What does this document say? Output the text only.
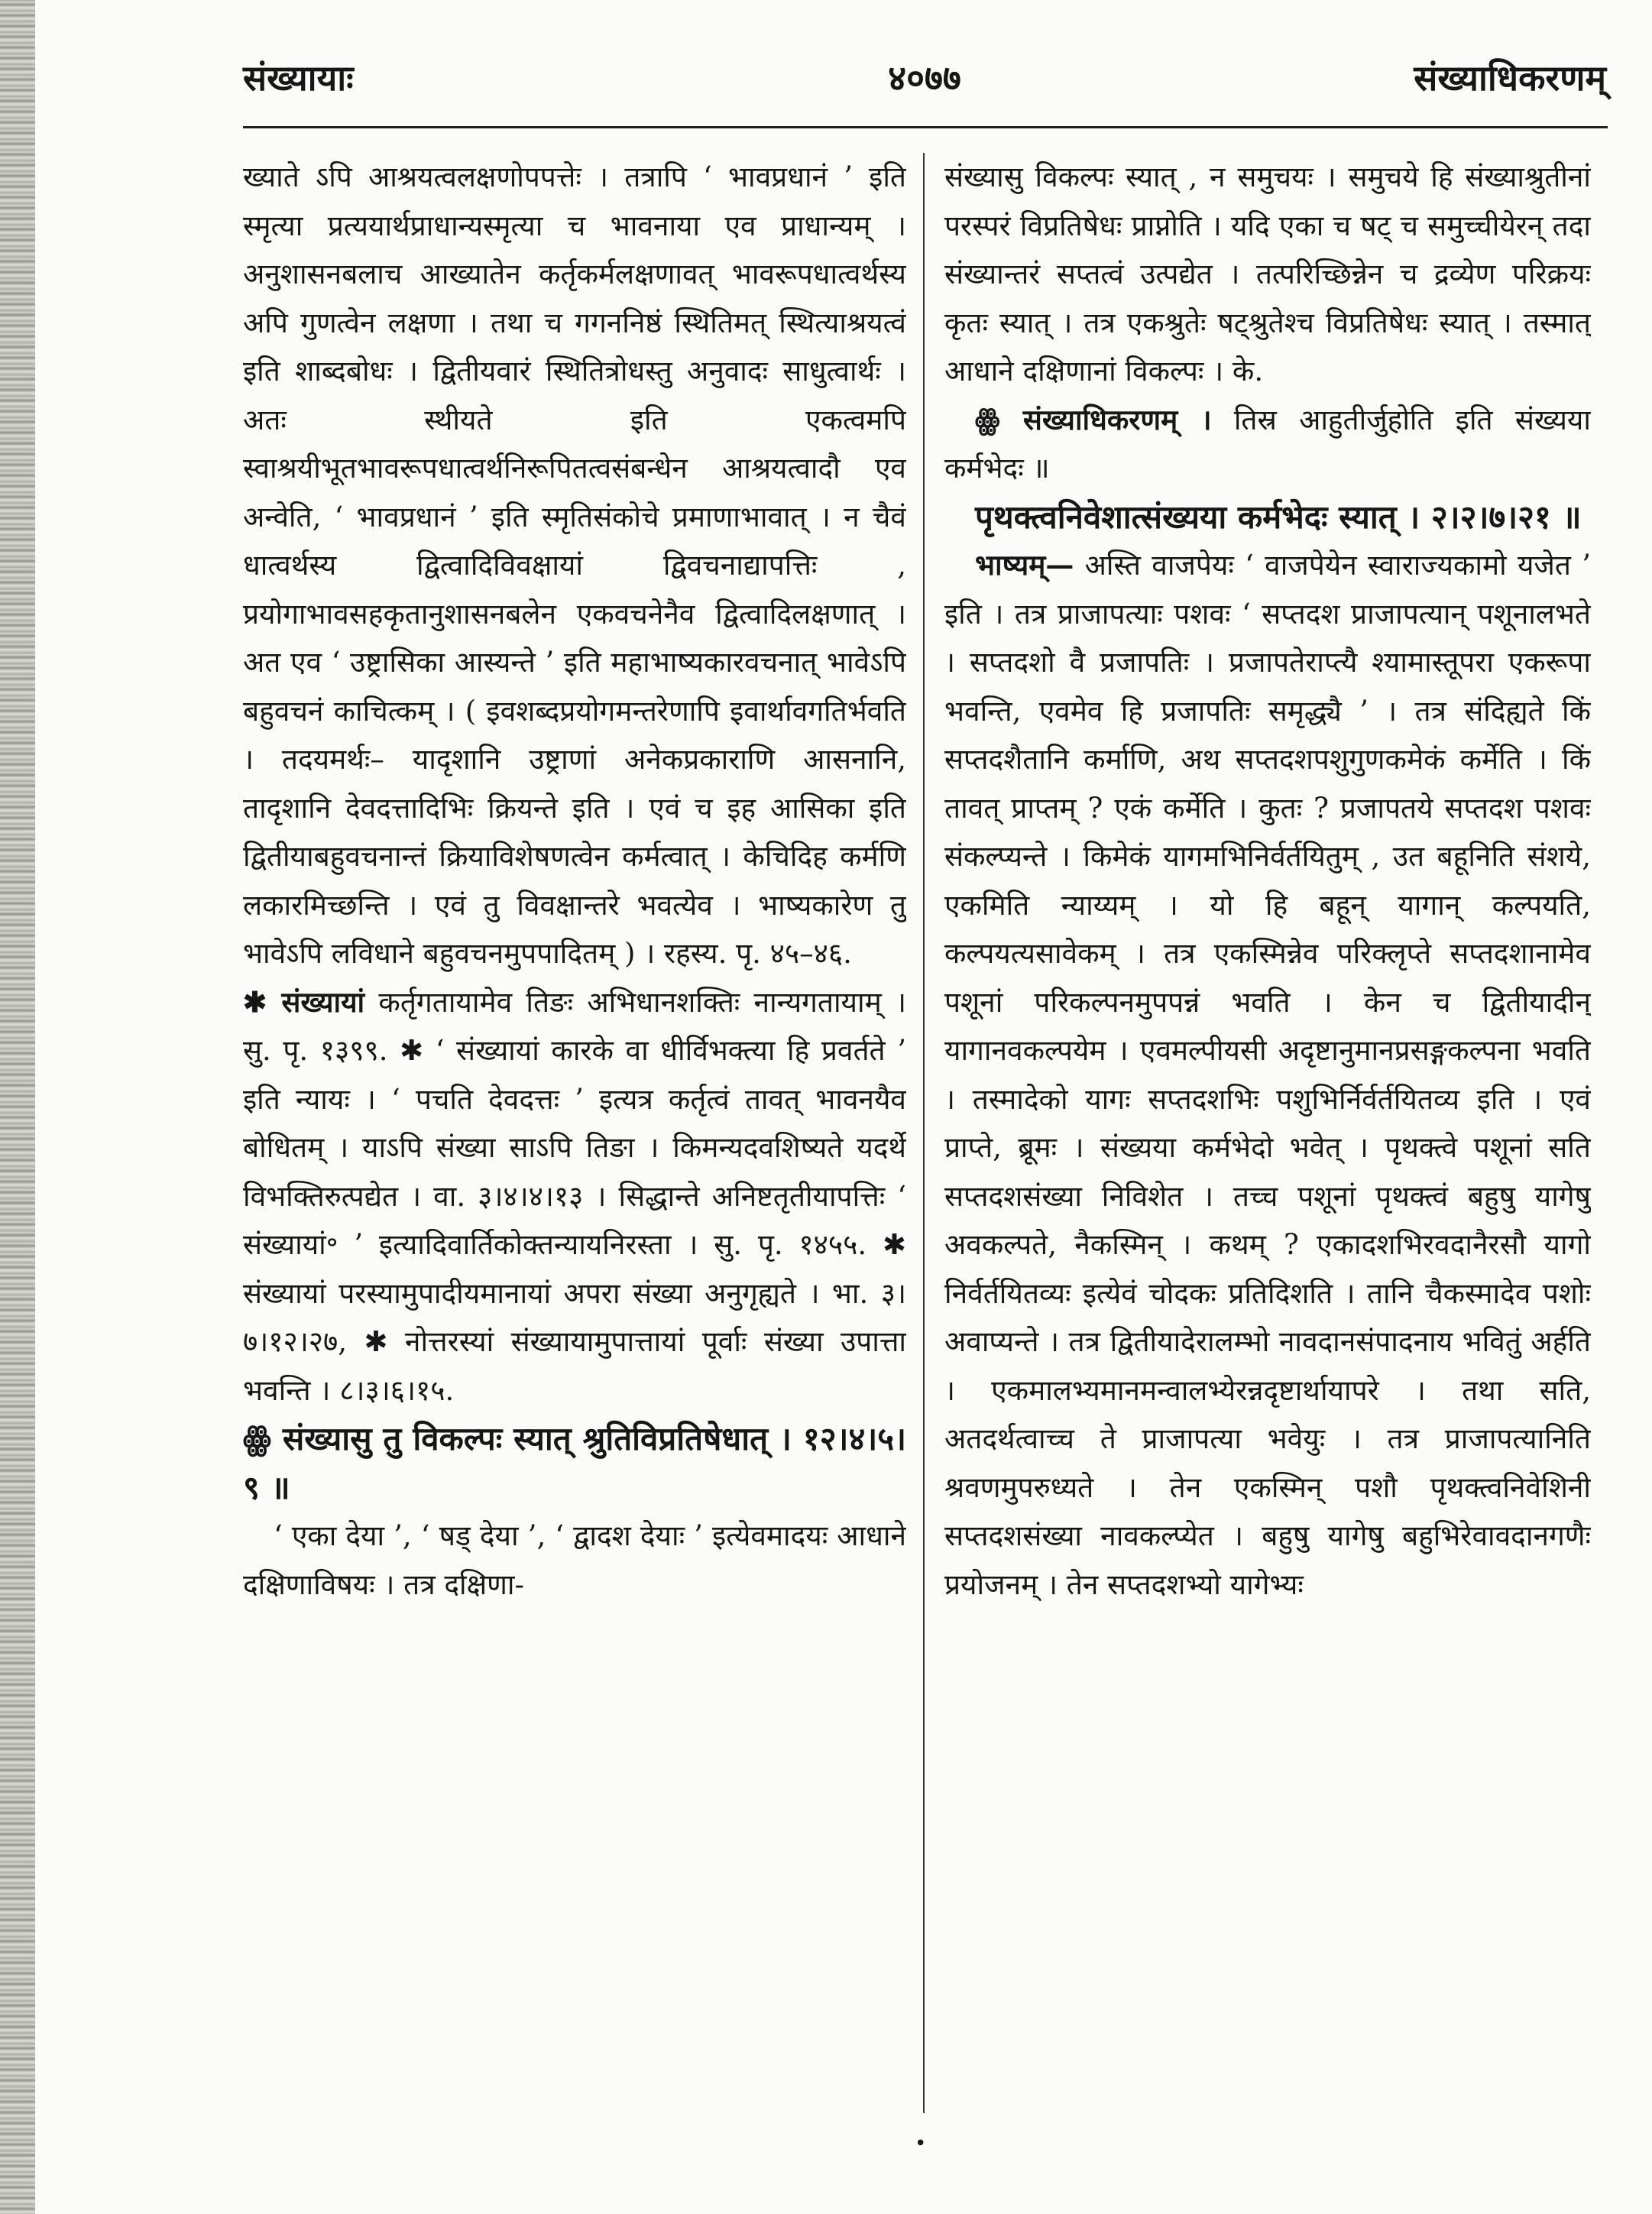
संख्यायाः	४०७७	संख्याधिकरणम्

ख्याते ऽपि आश्रयत्वलक्षणोपपत्तेः । तत्रापि ‘ भावप्रधानं ’ इति स्मृत्या प्रत्ययार्थप्राधान्यस्मृत्या च भावनाया एव प्राधान्यम् । अनुशासनबलाच आख्यातेन कर्तृकर्मलक्षणावत् भावरूपधात्वर्थस्य अपि गुणत्वेन लक्षणा । तथा च गगननिष्ठं स्थितिमत् स्थित्याश्रयत्वं इति शाब्दबोधः । द्वितीयवारं स्थितित्रोधस्तु अनुवादः साधुत्वार्थः । अतः स्थीयते इति एकत्वमपि स्वाश्रयीभूतभावरूपधात्वर्थनिरूपितत्वसंबन्धेन आश्रयत्वादौ एव अन्वेति, ‘ भावप्रधानं ’ इति स्मृतिसंकोचे प्रमाणाभावात् । न चैवं धात्वर्थस्य द्वित्वादिविवक्षायां द्विवचनाद्यापत्तिः , प्रयोगाभावसहकृतानुशासनबलेन एकवचनेनैव द्वित्वादिलक्षणात् । अत एव ‘ उष्ट्रासिका आस्यन्ते ’ इति महाभाष्यकारवचनात् भावेऽपि बहुवचनं काचित्कम् । ( इवशब्दप्रयोगमन्तरेणापि इवार्थावगतिर्भवति । तदयमर्थः– यादृशानि उष्ट्राणां अनेकप्रकाराणि आसनानि, तादृशानि देवदत्तादिभिः क्रियन्ते इति । एवं च इह आसिका इति द्वितीयाबहुवचनान्तं क्रियाविशेषणत्वेन कर्मत्वात् । केचिदिह कर्मणि लकारमिच्छन्ति । एवं तु विवक्षान्तरे भवत्येव । भाष्यकारेण तु भावेऽपि लविधाने बहुवचनमुपपादितम् ) । रहस्य. पृ. ४५–४६.

✱ संख्यायां कर्तृगतायामेव तिङः अभिधानशक्तिः नान्यगतायाम् । सु. पृ. १३९९. ✱ ‘ संख्यायां कारके वा धीर्विभक्त्या हि प्रवर्तते ’ इति न्यायः । ‘ पचति देवदत्तः ’ इत्यत्र कर्तृत्वं तावत् भावनयैव बोधितम् । याऽपि संख्या साऽपि तिङा । किमन्यदवशिष्यते यदर्थे विभक्तिरुत्पद्येत । वा. ३।४।४।१३ । सिद्धान्ते अनिष्टतृतीयापत्तिः ‘ संख्यायां॰ ’ इत्यादिवार्तिकोक्तन्यायनिरस्ता । सु. पृ. १४५५. ✱ संख्यायां परस्यामुपादीयमानायां अपरा संख्या अनुगृह्यते । भा. ३।७।१२।२७, ✱ नोत्तरस्यां संख्यायामुपात्तायां पूर्वाः संख्या उपात्ता भवन्ति । ८।३।६।१५.

ꙮ संख्यासु तु विकल्पः स्यात् श्रुतिविप्रतिषेधात् । १२।४।५।९ ॥

‘ एका देया ’, ‘ षड् देया ’, ‘ द्वादश देयाः ’ इत्येवमादयः आधाने दक्षिणाविषयः । तत्र दक्षिणा-

संख्यासु विकल्पः स्यात् , न समुचयः । समुचये हि संख्याश्रुतीनां परस्परं विप्रतिषेधः प्राप्नोति । यदि एका च षट् च समुच्चीयेरन् तदा संख्यान्तरं सप्तत्वं उत्पद्येत । तत्परिच्छिन्नेन च द्रव्येण परिक्रयः कृतः स्यात् । तत्र एकश्रुतेः षट्श्रुतेश्च विप्रतिषेधः स्यात् । तस्मात् आधाने दक्षिणानां विकल्पः । के.

ꙮ संख्याधिकरणम् । तिस्र आहुतीर्जुहोति इति संख्यया कर्मभेदः ॥

पृथक्त्वनिवेशात्संख्यया कर्मभेदः स्यात् । २।२।७।२१ ॥

भाष्यम्— अस्ति वाजपेयः ‘ वाजपेयेन स्वाराज्यकामो यजेत ’ इति । तत्र प्राजापत्याः पशवः ‘ सप्तदश प्राजापत्यान् पशूनालभते । सप्तदशो वै प्रजापतिः । प्रजापतेराप्त्यै श्यामास्तूपरा एकरूपा भवन्ति, एवमेव हि प्रजापतिः समृद्ध्यै ’ । तत्र संदिह्यते किं सप्तदशैतानि कर्माणि, अथ सप्तदशपशुगुणकमेकं कर्मेति । किं तावत् प्राप्तम् ? एकं कर्मेति । कुतः ? प्रजापतये सप्तदश पशवः संकल्प्यन्ते । किमेकं यागमभिनिर्वर्तयितुम् , उत बहूनिति संशये, एकमिति न्याय्यम् । यो हि बहून् यागान् कल्पयति, कल्पयत्यसावेकम् । तत्र एकस्मिन्नेव परिक्लृप्ते सप्तदशानामेव पशूनां परिकल्पनमुपपन्नं भवति । केन च द्वितीयादीन् यागानवकल्पयेम । एवमल्पीयसी अदृष्टानुमानप्रसङ्गकल्पना भवति । तस्मादेको यागः सप्तदशभिः पशुभिर्निर्वर्तयितव्य इति । एवं प्राप्ते, ब्रूमः । संख्यया कर्मभेदो भवेत् । पृथक्त्वे पशूनां सति सप्तदशसंख्या निविशेत । तच्च पशूनां पृथक्त्वं बहुषु यागेषु अवकल्पते, नैकस्मिन् । कथम् ? एकादशभिरवदानैरसौ यागो निर्वर्तयितव्यः इत्येवं चोदकः प्रतिदिशति । तानि चैकस्मादेव पशोः अवाप्यन्ते । तत्र द्वितीयादेरालम्भो नावदानसंपादनाय भवितुं अर्हति । एकमालभ्यमानमन्वालभ्येरन्नदृष्टार्थायापरे । तथा सति, अतदर्थत्वाच्च ते प्राजापत्या भवेयुः । तत्र प्राजापत्यानिति श्रवणमुपरुध्यते । तेन एकस्मिन् पशौ पृथक्त्वनिवेशिनी सप्तदशसंख्या नावकल्प्येत । बहुषु यागेषु बहुभिरेवावदानगणैः प्रयोजनम् । तेन सप्तदशभ्यो यागेभ्यः

•
